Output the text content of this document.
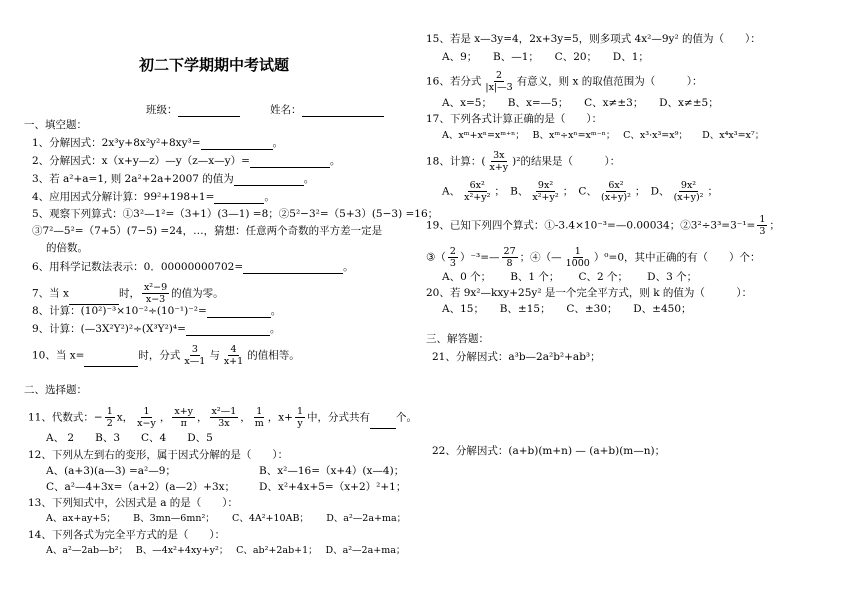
初二下学期期中考试题
班级：	姓名：
一、填空题：
1、分解因式：2x³y+8x²y²+8xy³=	。
2、分解因式：x（x+y—z）—y（z—x—y）=	。
3、若 a²+a=1, 则 2a²+2a+2007 的值为	。
4、应用因式分解计算：99²+198+1=	。
5、观察下列算式：①3²—1²=（3+1）(3—1) =8；②5²−3²=（5+3）(5−3) =16；
③7²—5²=（7+5）(7−5) =24，…，猜想：任意两个奇数的平方差一定是
的倍数。
6、用科学记数法表示：0．00000000702=	。
7、当 x	时， $\frac{\text{x²−9}}{x-3}$ 的值为零。
8、计算：(10²)⁻³×10⁻²÷(10⁻¹)⁻²=	。
9、计算：(—3X²Y²)²÷(X³Y²)⁴=	。
10、当 x=	时，分式 $\frac{3}{x—1}$ 与 $\frac{4}{x+1}$ 的值相等。
二、选择题：
11、代数式：− $\frac{1}{2}$ x， $\frac{1}{x-y}$ ， $\frac{x+y}{\pi}$ ， $\frac{\text{x²—1}}{3x}$ ， $\frac{1}{m}$ ，$x+ \frac{1}{y}$ 中，分式共有 个。
A、 2　　B、3　　C、4　　D、5
12、下列从左到右的变形，属于因式分解的是（　　）：
A、(a+3)(a—3) =a²—9；	B、x²—16=（x+4）(x—4)；
C、a²—4+3x=（a+2）(a—2）+3x； D、x²+4x+5=（x+2）²+1；
13、下列知式中，公因式是 a 的是（　　）：
A、ax+ay+5；　　 B、3mn—6mn²；　　 C、4A²+10AB；　　 D、a²—2a+ma；
14、下列各式为完全平方式的是（　　）：
A、a²—2ab—b²；　 B、—4x²+4xy+y²；　 C、ab²+2ab+1；　 D、a²—2a+ma；
15、若是 x—3y=4，2x+3y=5，则多项式 4x²—9y² 的值为（　　）：
A、9；　　B、—1；　　C、20；　　D、1；
16、若分式 $\frac{2}{|x|—3}$ 有意义，则 x 的取值范围为（　　　）：
A、x=5；　　B、x=—5；　　C、x≠±3；　　D、x≠±5；
17、下列各式计算正确的是（　　）：
A、xᵐ+xⁿ=xᵐ⁺ⁿ；　 B、xᵐ÷xⁿ=xᵐ⁻ⁿ；　 C、x³·x³=x⁹；　　D、x⁴x³=x⁷；
18、计算：( $\frac{3x}{x+y} )^2$的结果是（　　　）：
A、 $\frac{\text{6x²}}{\text{x²+y²}}$ ；　B、 $\frac{\text{9x²}}{\text{x²+y²}}$ ；　C、 $\frac{\text{6x²}}{\text{(x+y)²}}$ ；　D、 $\frac{\text{9x²}}{\text{(x+y)²}}$ ；
19、已知下列四个算式：①-3.4×10⁻³=—0.00034；②3²÷3³=3⁻¹= $\frac{1}{3}$ ；
③（ $\frac{2}{3}$ ）⁻³=— $\frac{27}{8}$ ；④（— $\frac{1}{1000} )^0=0$，其中正确的有（　　）个：
A、0 个；　　 B、1 个；　　 C、2 个；　　 D、3 个；
20、若 9x²—kxy+25y² 是一个完全平方式，则 k 的值为（　　　）：
A、15；　　B、±15；　　C、±30；　　D、±450；
三、解答题：
21、分解因式：a³b—2a²b²+ab³；
22、分解因式：(a+b)(m+n) — (a+b)(m—n)；
